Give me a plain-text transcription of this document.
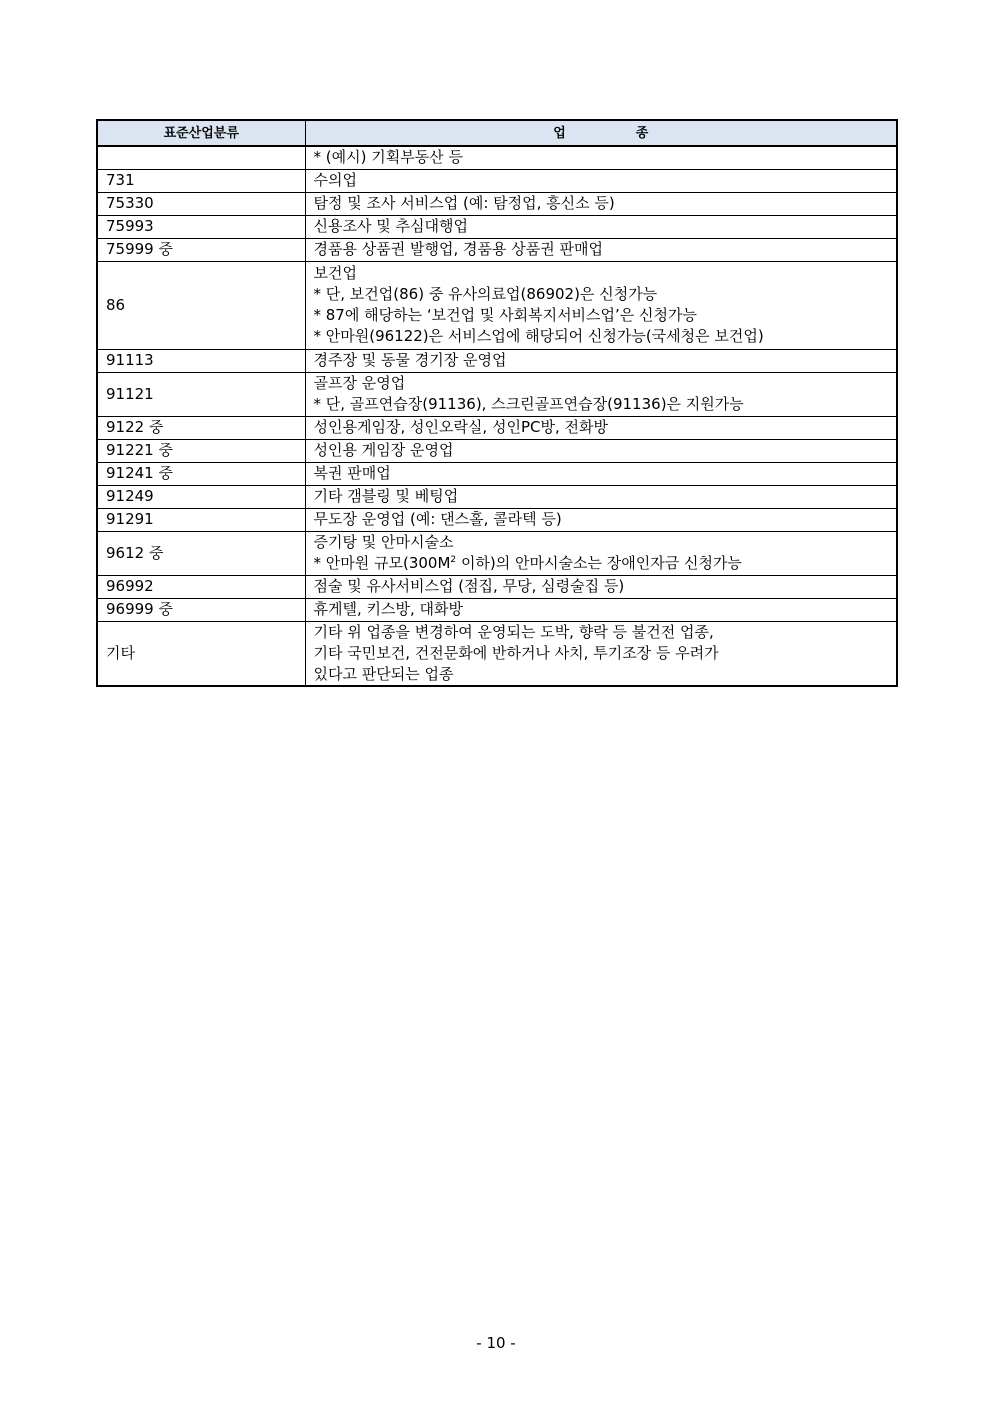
표준산업분류	업 종

	* (예시) 기획부동산 등

731	수의업

75330	탐정 및 조사 서비스업 (예: 탐정업, 흥신소 등)

75993	신용조사 및 추심대행업

75999 중	경품용 상품권 발행업, 경품용 상품권 판매업

86	보건업
* 단, 보건업(86) 중 유사의료업(86902)은 신청가능
* 87에 해당하는 ‘보건업 및 사회복지서비스업’은 신청가능
* 안마원(96122)은 서비스업에 해당되어 신청가능(국세청은 보건업)

91113	경주장 및 동물 경기장 운영업

91121	골프장 운영업
* 단, 골프연습장(91136), 스크린골프연습장(91136)은 지원가능

9122 중	성인용게임장, 성인오락실, 성인PC방, 전화방

91221 중	성인용 게임장 운영업

91241 중	복권 판매업

91249	기타 갬블링 및 베팅업

91291	무도장 운영업 (예: 댄스홀, 콜라텍 등)

9612 중	증기탕 및 안마시술소
* 안마원 규모($300M^2$ 이하)의 안마시술소는 장애인자금 신청가능

96992	점술 및 유사서비스업 (점집, 무당, 심령술집 등)

96999 중	휴게텔, 키스방, 대화방

기타	기타 위 업종을 변경하여 운영되는 도박, 향락 등 불건전 업종,
기타 국민보건, 건전문화에 반하거나 사치, 투기조장 등 우려가
있다고 판단되는 업종
- 10 -
